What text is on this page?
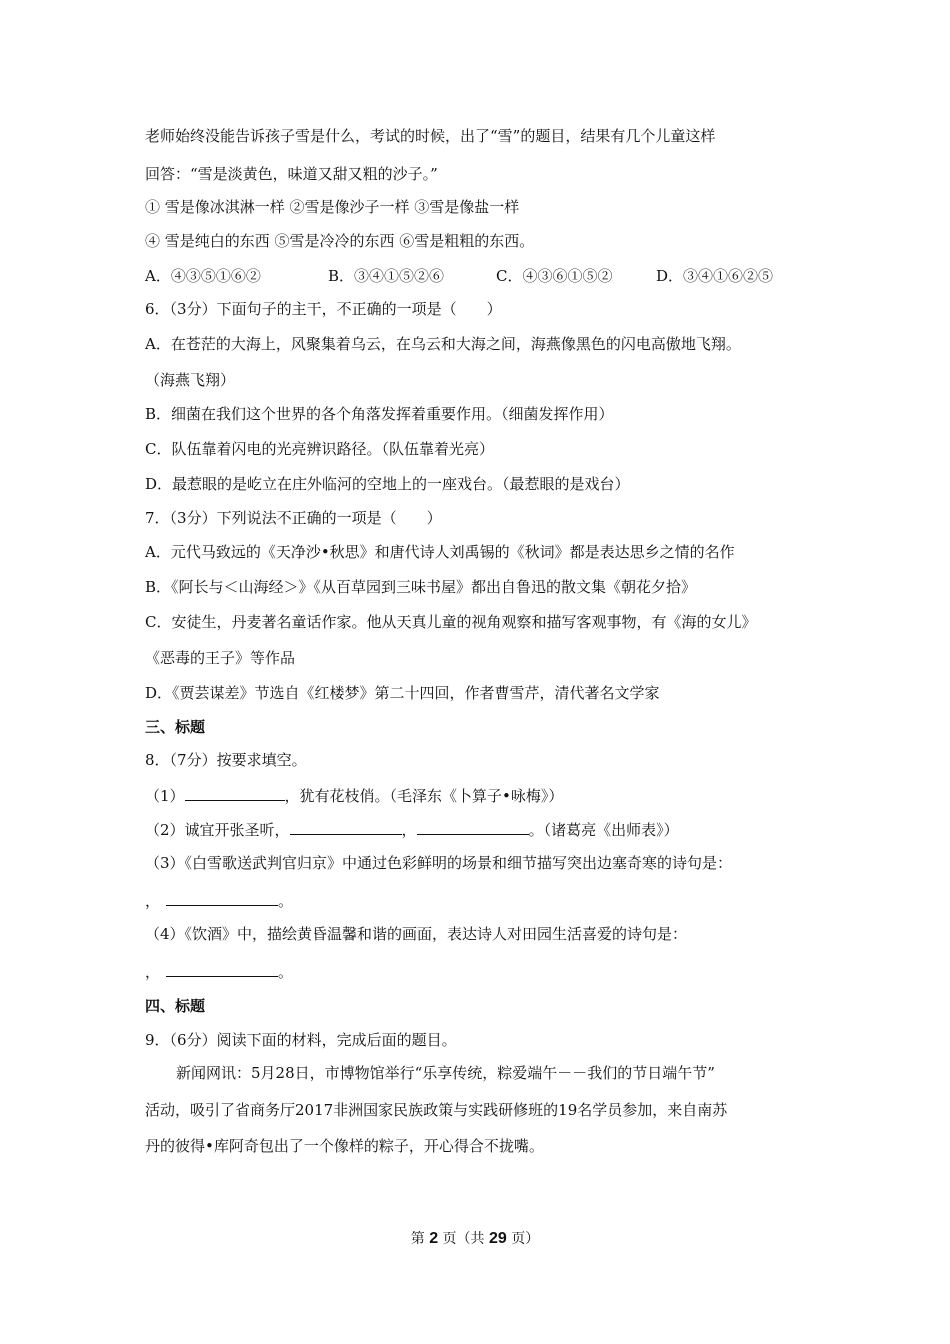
老师始终没能告诉孩子雪是什么，考试的时候，出了“雪”的题目，结果有几个儿童这样
回答：“雪是淡黄色，味道又甜又粗的沙子。”
① 雪是像冰淇淋一样 ②雪是像沙子一样 ③雪是像盐一样
④ 雪是纯白的东西 ⑤雪是冷冷的东西 ⑥雪是粗粗的东西。
A．④③⑤①⑥②	B．③④①⑤②⑥	C．④③⑥①⑤②	D．③④①⑥②⑤
6．（3分）下面句子的主干，不正确的一项是（　　）
A．在苍茫的大海上，风聚集着乌云，在乌云和大海之间，海燕像黑色的闪电高傲地飞翔。
（海燕飞翔）
B．细菌在我们这个世界的各个角落发挥着重要作用。（细菌发挥作用）
C．队伍靠着闪电的光亮辨识路径。（队伍靠着光亮）
D．最惹眼的是屹立在庄外临河的空地上的一座戏台。（最惹眼的是戏台）
7．（3分）下列说法不正确的一项是（　　）
A．元代马致远的《天净沙•秋思》和唐代诗人刘禹锡的《秋词》都是表达思乡之情的名作
B．《阿长与＜山海经＞》《从百草园到三味书屋》都出自鲁迅的散文集《朝花夕拾》
C．安徒生，丹麦著名童话作家。他从天真儿童的视角观察和描写客观事物，有《海的女儿》
《恶毒的王子》等作品
D．《贾芸谋差》节选自《红楼梦》第二十四回，作者曹雪芹，清代著名文学家
三、标题
8．（7分）按要求填空。
（1）	，犹有花枝俏。（毛泽东《卜算子•咏梅》）
（2）诚宜开张圣听，	，	。（诸葛亮《出师表》）
（3）《白雪歌送武判官归京》中通过色彩鲜明的场景和细节描写突出边塞奇寒的诗句是：
，	。
（4）《饮酒》中，描绘黄昏温馨和谐的画面，表达诗人对田园生活喜爱的诗句是：
，	。
四、标题
9．（6分）阅读下面的材料，完成后面的题目。
新闻网讯：5月28日，市博物馆举行“乐享传统，粽爱端午－－我们的节日端午节”
活动，吸引了省商务厅2017非洲国家民族政策与实践研修班的19名学员参加，来自南苏
丹的彼得•库阿奇包出了一个像样的粽子，开心得合不拢嘴。
第 2 页（共 29 页）
